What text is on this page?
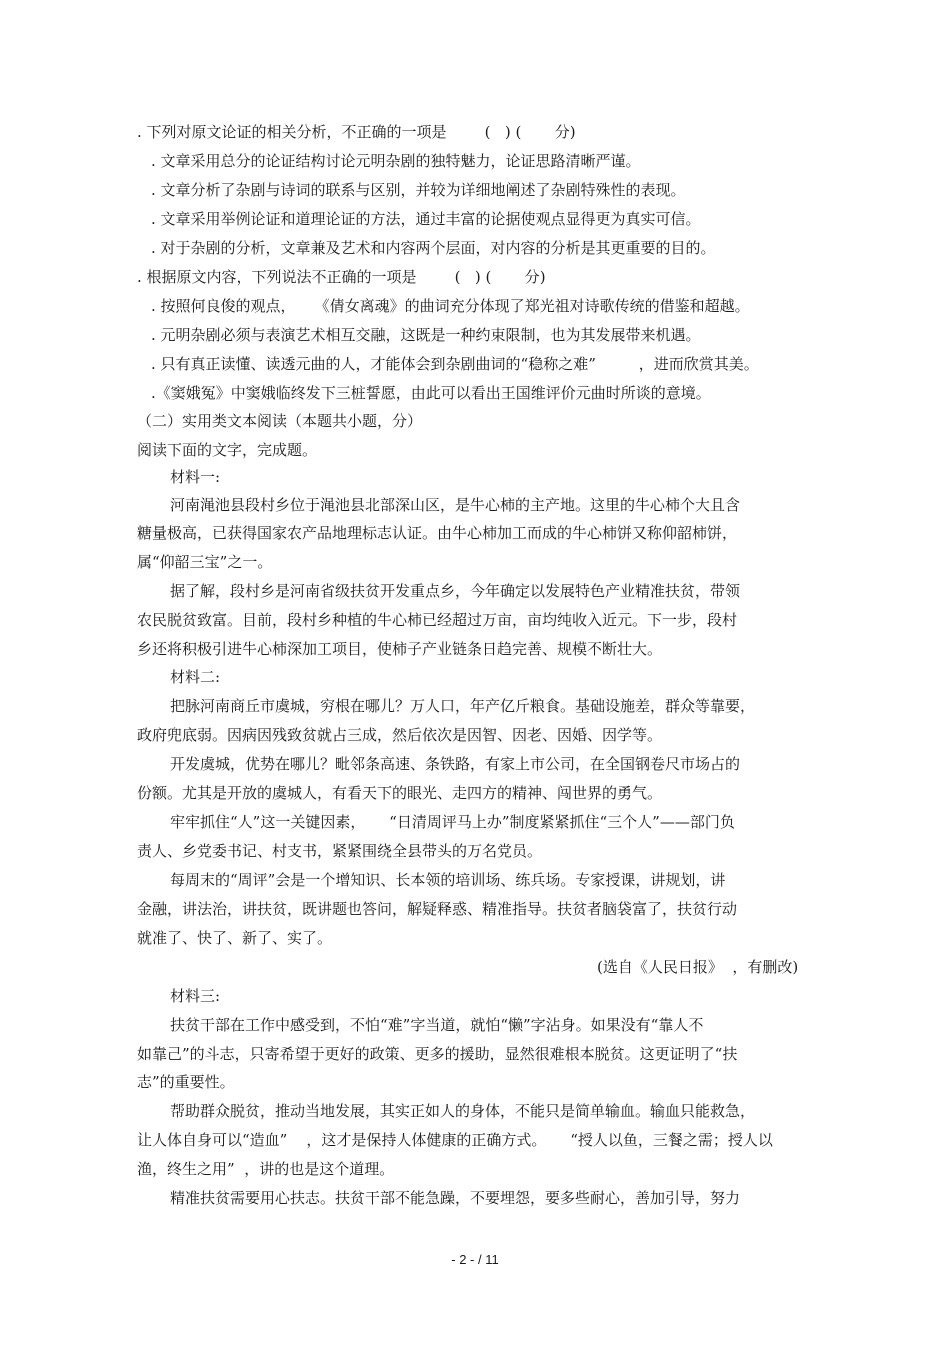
. 下列对原文论证的相关分析，不正确的一项是        (   ) (       分)
. 文章采用总分的论证结构讨论元明杂剧的独特魅力，论证思路清晰严谨。
. 文章分析了杂剧与诗词的联系与区别，并较为详细地阐述了杂剧特殊性的表现。
. 文章采用举例论证和道理论证的方法，通过丰富的论据使观点显得更为真实可信。
. 对于杂剧的分析，文章兼及艺术和内容两个层面，对内容的分析是其更重要的目的。
. 根据原文内容，下列说法不正确的一项是        (   ) (       分)
. 按照何良俊的观点，    《倩女离魂》的曲词充分体现了郑光祖对诗歌传统的借鉴和超越。
. 元明杂剧必须与表演艺术相互交融，这既是一种约束限制，也为其发展带来机遇。
. 只有真正读懂、读透元曲的人，才能体会到杂剧曲词的“稳称之难”         ，进而欣赏其美。
.《窦娥冤》中窦娥临终发下三桩誓愿，由此可以看出王国维评价元曲时所谈的意境。
（二）实用类文本阅读（本题共小题，分）
阅读下面的文字，完成题。
材料一:
河南渑池县段村乡位于渑池县北部深山区，是牛心柿的主产地。这里的牛心柿个大且含
糖量极高，已获得国家农产品地理标志认证。由牛心柿加工而成的牛心柿饼又称仰韶柿饼，
属“仰韶三宝”之一。
据了解，段村乡是河南省级扶贫开发重点乡，今年确定以发展特色产业精准扶贫，带领
农民脱贫致富。目前，段村乡种植的牛心柿已经超过万亩，亩均纯收入近元。下一步，段村
乡还将积极引进牛心柿深加工项目，使柿子产业链条日趋完善、规模不断壮大。
材料二:
把脉河南商丘市虞城，穷根在哪儿？万人口，年产亿斤粮食。基础设施差，群众等靠要，
政府兜底弱。因病因残致贫就占三成，然后依次是因智、因老、因婚、因学等。
开发虞城，优势在哪儿？毗邻条高速、条铁路，有家上市公司，在全国钢卷尺市场占的
份额。尤其是开放的虞城人，有看天下的眼光、走四方的精神、闯世界的勇气。
牢牢抓住“人”这一关键因素，     “日清周评马上办”制度紧紧抓住“三个人”——部门负
责人、乡党委书记、村支书，紧紧围绕全县带头的万名党员。
每周末的“周评”会是一个增知识、长本领的培训场、练兵场。专家授课，讲规划，讲
金融，讲法治，讲扶贫，既讲题也答问，解疑释惑、精准指导。扶贫者脑袋富了，扶贫行动
就准了、快了、新了、实了。
(选自《人民日报》  ，有删改)
材料三:
扶贫干部在工作中感受到，不怕“难”字当道，就怕“懒”字沾身。如果没有“靠人不
如靠己”的斗志，只寄希望于更好的政策、更多的援助，显然很难根本脱贫。这更证明了“扶
志”的重要性。
帮助群众脱贫，推动当地发展，其实正如人的身体，不能只是简单输血。输血只能救急，
让人体自身可以“造血”    ，这才是保持人体健康的正确方式。     “授人以鱼，三餐之需；授人以
渔，终生之用”  ，讲的也是这个道理。
精准扶贫需要用心扶志。扶贫干部不能急躁，不要埋怨，要多些耐心，善加引导，努力
- 2 - / 11
